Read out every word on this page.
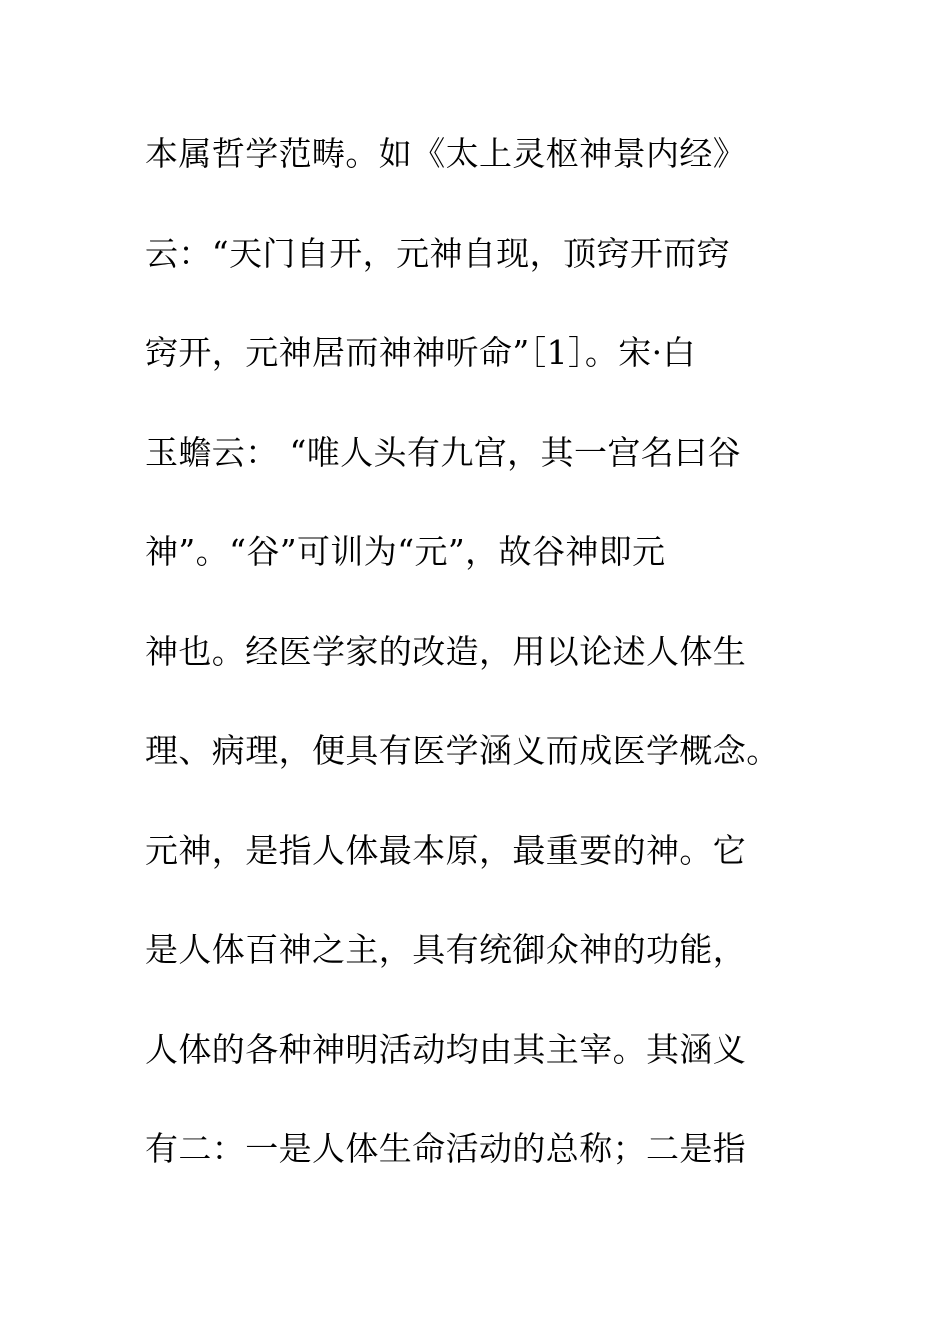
本属哲学范畴。如《太上灵枢神景内经》
云：“天门自开，元神自现，顶窍开而窍
窍开，元神居而神神听命”［1］。宋·白
玉蟾云： “唯人头有九宫，其一宫名曰谷
神”。“谷”可训为“元”，故谷神即元
神也。经医学家的改造，用以论述人体生
理、病理，便具有医学涵义而成医学概念。
元神，是指人体最本原，最重要的神。它
是人体百神之主，具有统御众神的功能，
人体的各种神明活动均由其主宰。其涵义
有二：一是人体生命活动的总称；二是指
